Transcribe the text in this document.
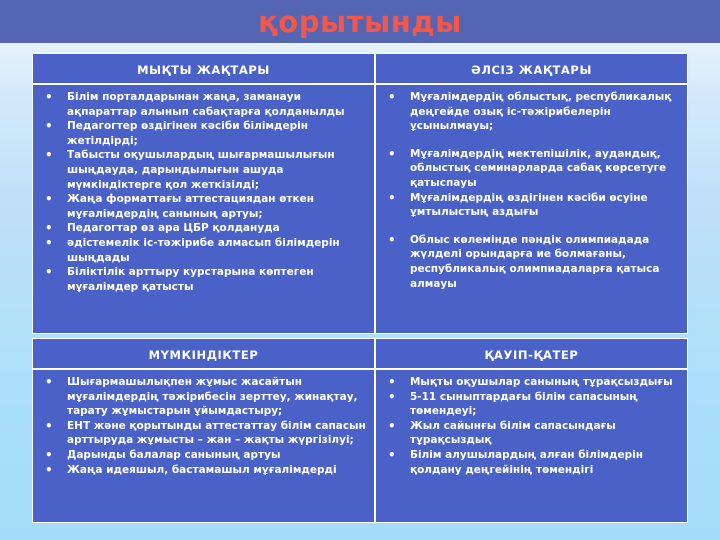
қорытынды
МЫҚТЫ ЖАҚТАРЫ	ӘЛСІЗ ЖАҚТАРЫ

• Білім порталдарынан жаңа, заманауи ақпараттар алынып сабақтарға қолданылды
• Педагогтер өздігінен кәсіби білімдерін жетілдірді;
• Табысты оқушылардың шығармашылығын шыңдауда, дарындылығын ашуда мүмкіндіктерге қол жеткізілді;
• Жаңа форматтағы аттестациядан өткен мұғалімдердің санының артуы;
• Педагогтар өз ара ЦБР қолдануда
• әдістемелік іс-тәжірибе алмасып білімдерін шыңдады
• Біліктілік арттыру курстарына көптеген мұғалімдер қатысты

• Мұғалімдердің облыстық, республикалық деңгейде озық іс-тәжірибелерін ұсынылмауы;
• Мұғалімдердің мектепішілік, аудандық, облыстық семинарларда сабақ көрсетуге қатыспауы
• Мұғалімдердің өздігінен кәсіби өсуіне ұмтылыстың аздығы
• Облыс көлемінде пәндік олимпиадада жүлделі орындарға ие болмағаны, республикалық олимпиадаларға қатыса алмауы

МҮМКІНДІКТЕР	ҚАУІП-ҚАТЕР

• Шығармашылықпен жұмыс жасайтын мұғалімдердің тәжірибесін зерттеу, жинақтау, тарату жұмыстарын ұйымдастыру;
• ЕНТ және қорытынды аттестаттау білім сапасын арттыруда жұмысты – жан – жақты жүргізілуі;
• Дарынды балалар санының артуы
• Жаңа идеяшыл, бастамашыл мұғалімдерді

• Мықты оқушылар санының тұрақсыздығы
• 5-11 сыныптардағы білім сапасының төмендеуі;
• Жыл сайынғы білім сапасындағы тұрақсыздық
• Білім алушылардың алған білімдерін қолдану деңгейінің төмендігі
